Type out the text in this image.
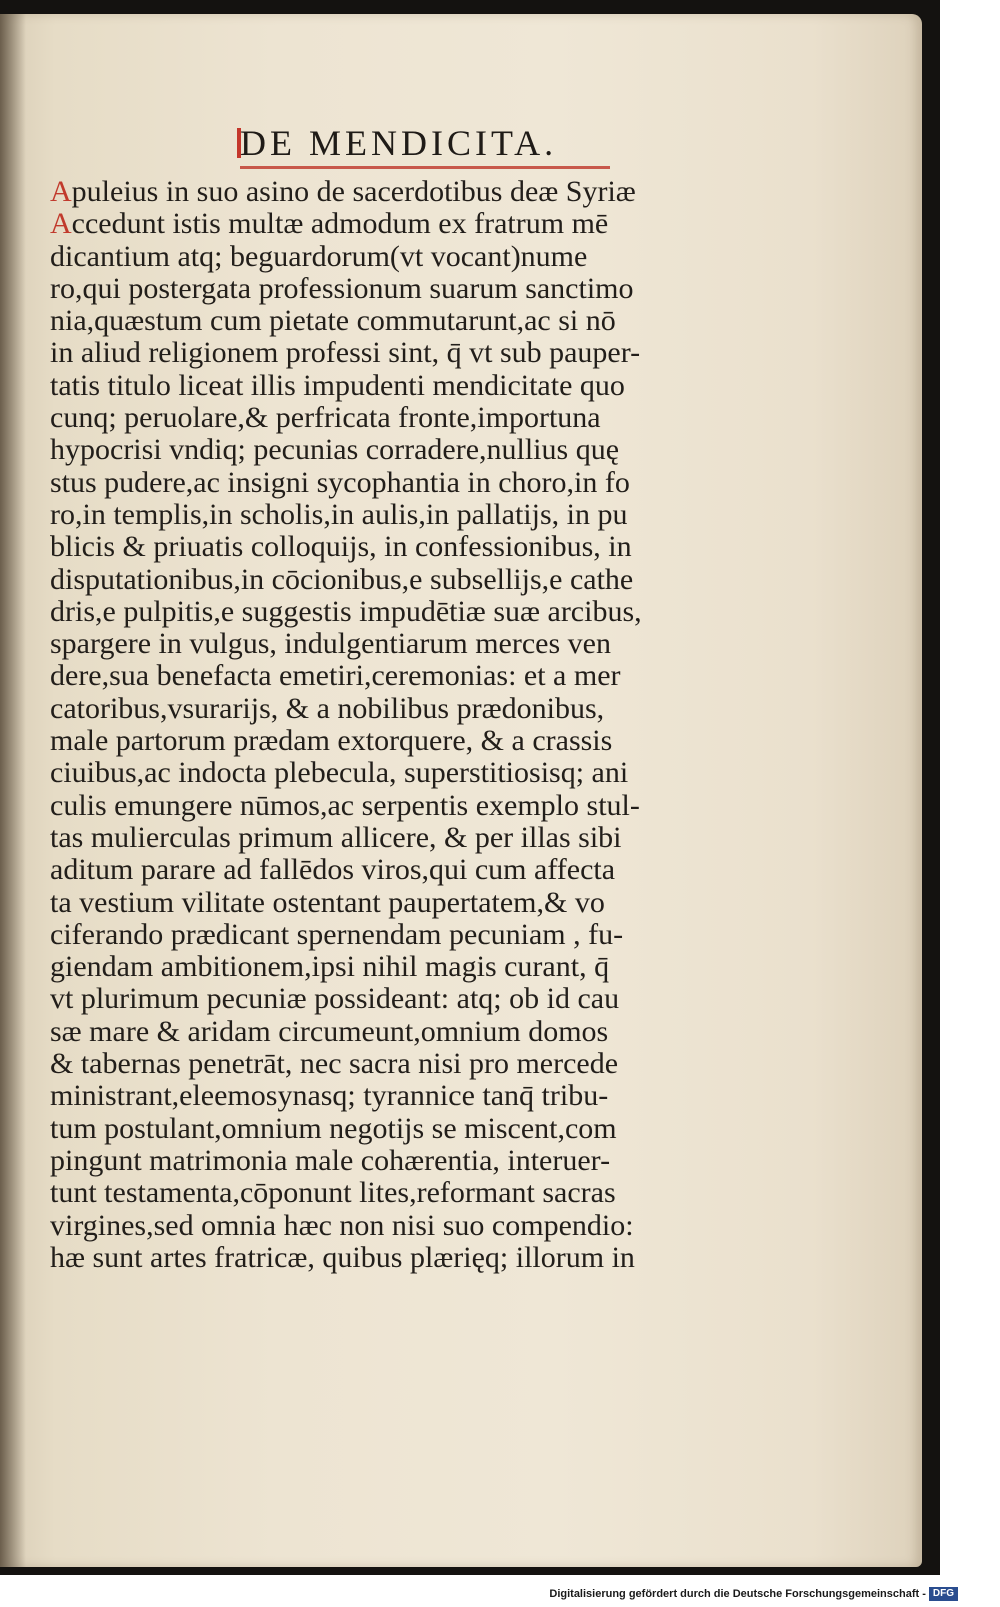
DE MENDICITA.
Apuleius in suo asino de sacerdotibus deæ Syriæ
Accedunt istis multæ admodum ex fratrum mē
dicantium atq; beguardorum(vt vocant)nume
ro,qui postergata professionum suarum sanctimo
nia,quæstum cum pietate commutarunt,ac si nō
in aliud religionem professi sint, q̄ vt sub pauper-
tatis titulo liceat illis impudenti mendicitate quo
cunq; peruolare,& perfricata fronte,importuna
hypocrisi vndiq; pecunias corradere,nullius quę
stus pudere,ac insigni sycophantia in choro,in fo
ro,in templis,in scholis,in aulis,in pallatijs, in pu
blicis & priuatis colloquijs, in confessionibus, in
disputationibus,in cōcionibus,e subsellijs,e cathe
dris,e pulpitis,e suggestis impudētiæ suæ arcibus,
spargere in vulgus, indulgentiarum merces ven
dere,sua benefacta emetiri,ceremonias: et a mer
catoribus,vsurarijs, & a nobilibus prædonibus,
male partorum prædam extorquere, & a crassis
ciuibus,ac indocta plebecula, superstitiosisq; ani
culis emungere nūmos,ac serpentis exemplo stul-
tas mulierculas primum allicere, & per illas sibi
aditum parare ad fallēdos viros,qui cum affecta
ta vestium vilitate ostentant paupertatem,& vo
ciferando prædicant spernendam pecuniam , fu-
giendam ambitionem,ipsi nihil magis curant, q̄
vt plurimum pecuniæ possideant: atq; ob id cau
sæ mare & aridam circumeunt,omnium domos
& tabernas penetrāt, nec sacra nisi pro mercede
ministrant,eleemosynasq; tyrannice tanq̄ tribu-
tum postulant,omnium negotijs se miscent,com
pingunt matrimonia male cohærentia, interuer-
tunt testamenta,cōponunt lites,reformant sacras
virgines,sed omnia hæc non nisi suo compendio:
hæ sunt artes fratricæ, quibus plærięq; illorum in
Digitalisierung gefördert durch die Deutsche Forschungsgemeinschaft - DFG
